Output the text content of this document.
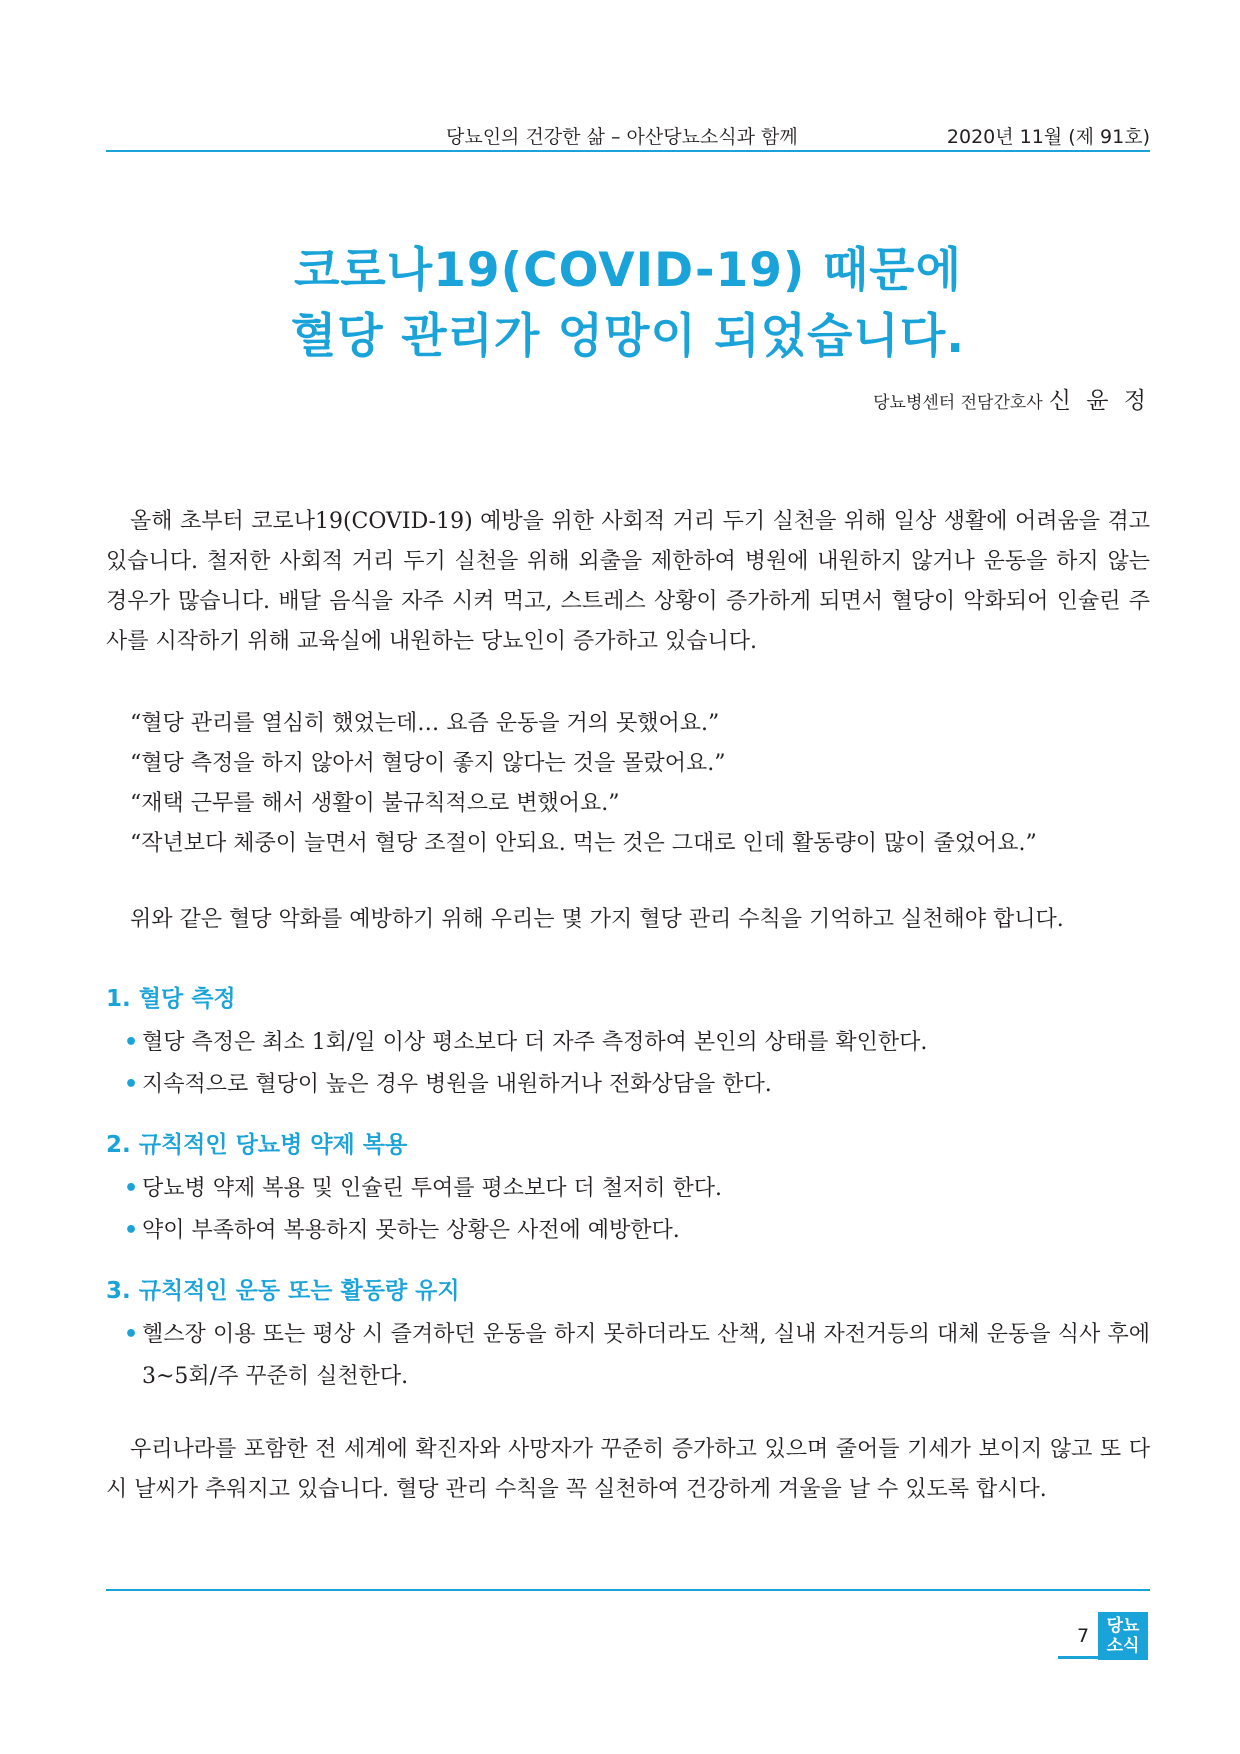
당뇨인의 건강한 삶 – 아산당뇨소식과 함께	2020년 11월 (제 91호)
코로나19(COVID-19) 때문에
혈당 관리가 엉망이 되었습니다.
당뇨병센터 전담간호사 신 윤 정
올해 초부터 코로나19(COVID-19) 예방을 위한 사회적 거리 두기 실천을 위해 일상 생활에 어려움을 겪고 있습니다. 철저한 사회적 거리 두기 실천을 위해 외출을 제한하여 병원에 내원하지 않거나 운동을 하지 않는 경우가 많습니다. 배달 음식을 자주 시켜 먹고, 스트레스 상황이 증가하게 되면서 혈당이 악화되어 인슐린 주사를 시작하기 위해 교육실에 내원하는 당뇨인이 증가하고 있습니다.
“혈당 관리를 열심히 했었는데… 요즘 운동을 거의 못했어요.”
“혈당 측정을 하지 않아서 혈당이 좋지 않다는 것을 몰랐어요.”
“재택 근무를 해서 생활이 불규칙적으로 변했어요.”
“작년보다 체중이 늘면서 혈당 조절이 안되요. 먹는 것은 그대로 인데 활동량이 많이 줄었어요.”
위와 같은 혈당 악화를 예방하기 위해 우리는 몇 가지 혈당 관리 수칙을 기억하고 실천해야 합니다.
1. 혈당 측정
• 혈당 측정은 최소 1회/일 이상 평소보다 더 자주 측정하여 본인의 상태를 확인한다.
• 지속적으로 혈당이 높은 경우 병원을 내원하거나 전화상담을 한다.
2. 규칙적인 당뇨병 약제 복용
• 당뇨병 약제 복용 및 인슐린 투여를 평소보다 더 철저히 한다.
• 약이 부족하여 복용하지 못하는 상황은 사전에 예방한다.
3. 규칙적인 운동 또는 활동량 유지
• 헬스장 이용 또는 평상 시 즐겨하던 운동을 하지 못하더라도 산책, 실내 자전거등의 대체 운동을 식사 후에 3~5회/주 꾸준히 실천한다.
우리나라를 포함한 전 세계에 확진자와 사망자가 꾸준히 증가하고 있으며 줄어들 기세가 보이지 않고 또 다시 날씨가 추워지고 있습니다. 혈당 관리 수칙을 꼭 실천하여 건강하게 겨울을 날 수 있도록 합시다.
7	당뇨
소식
